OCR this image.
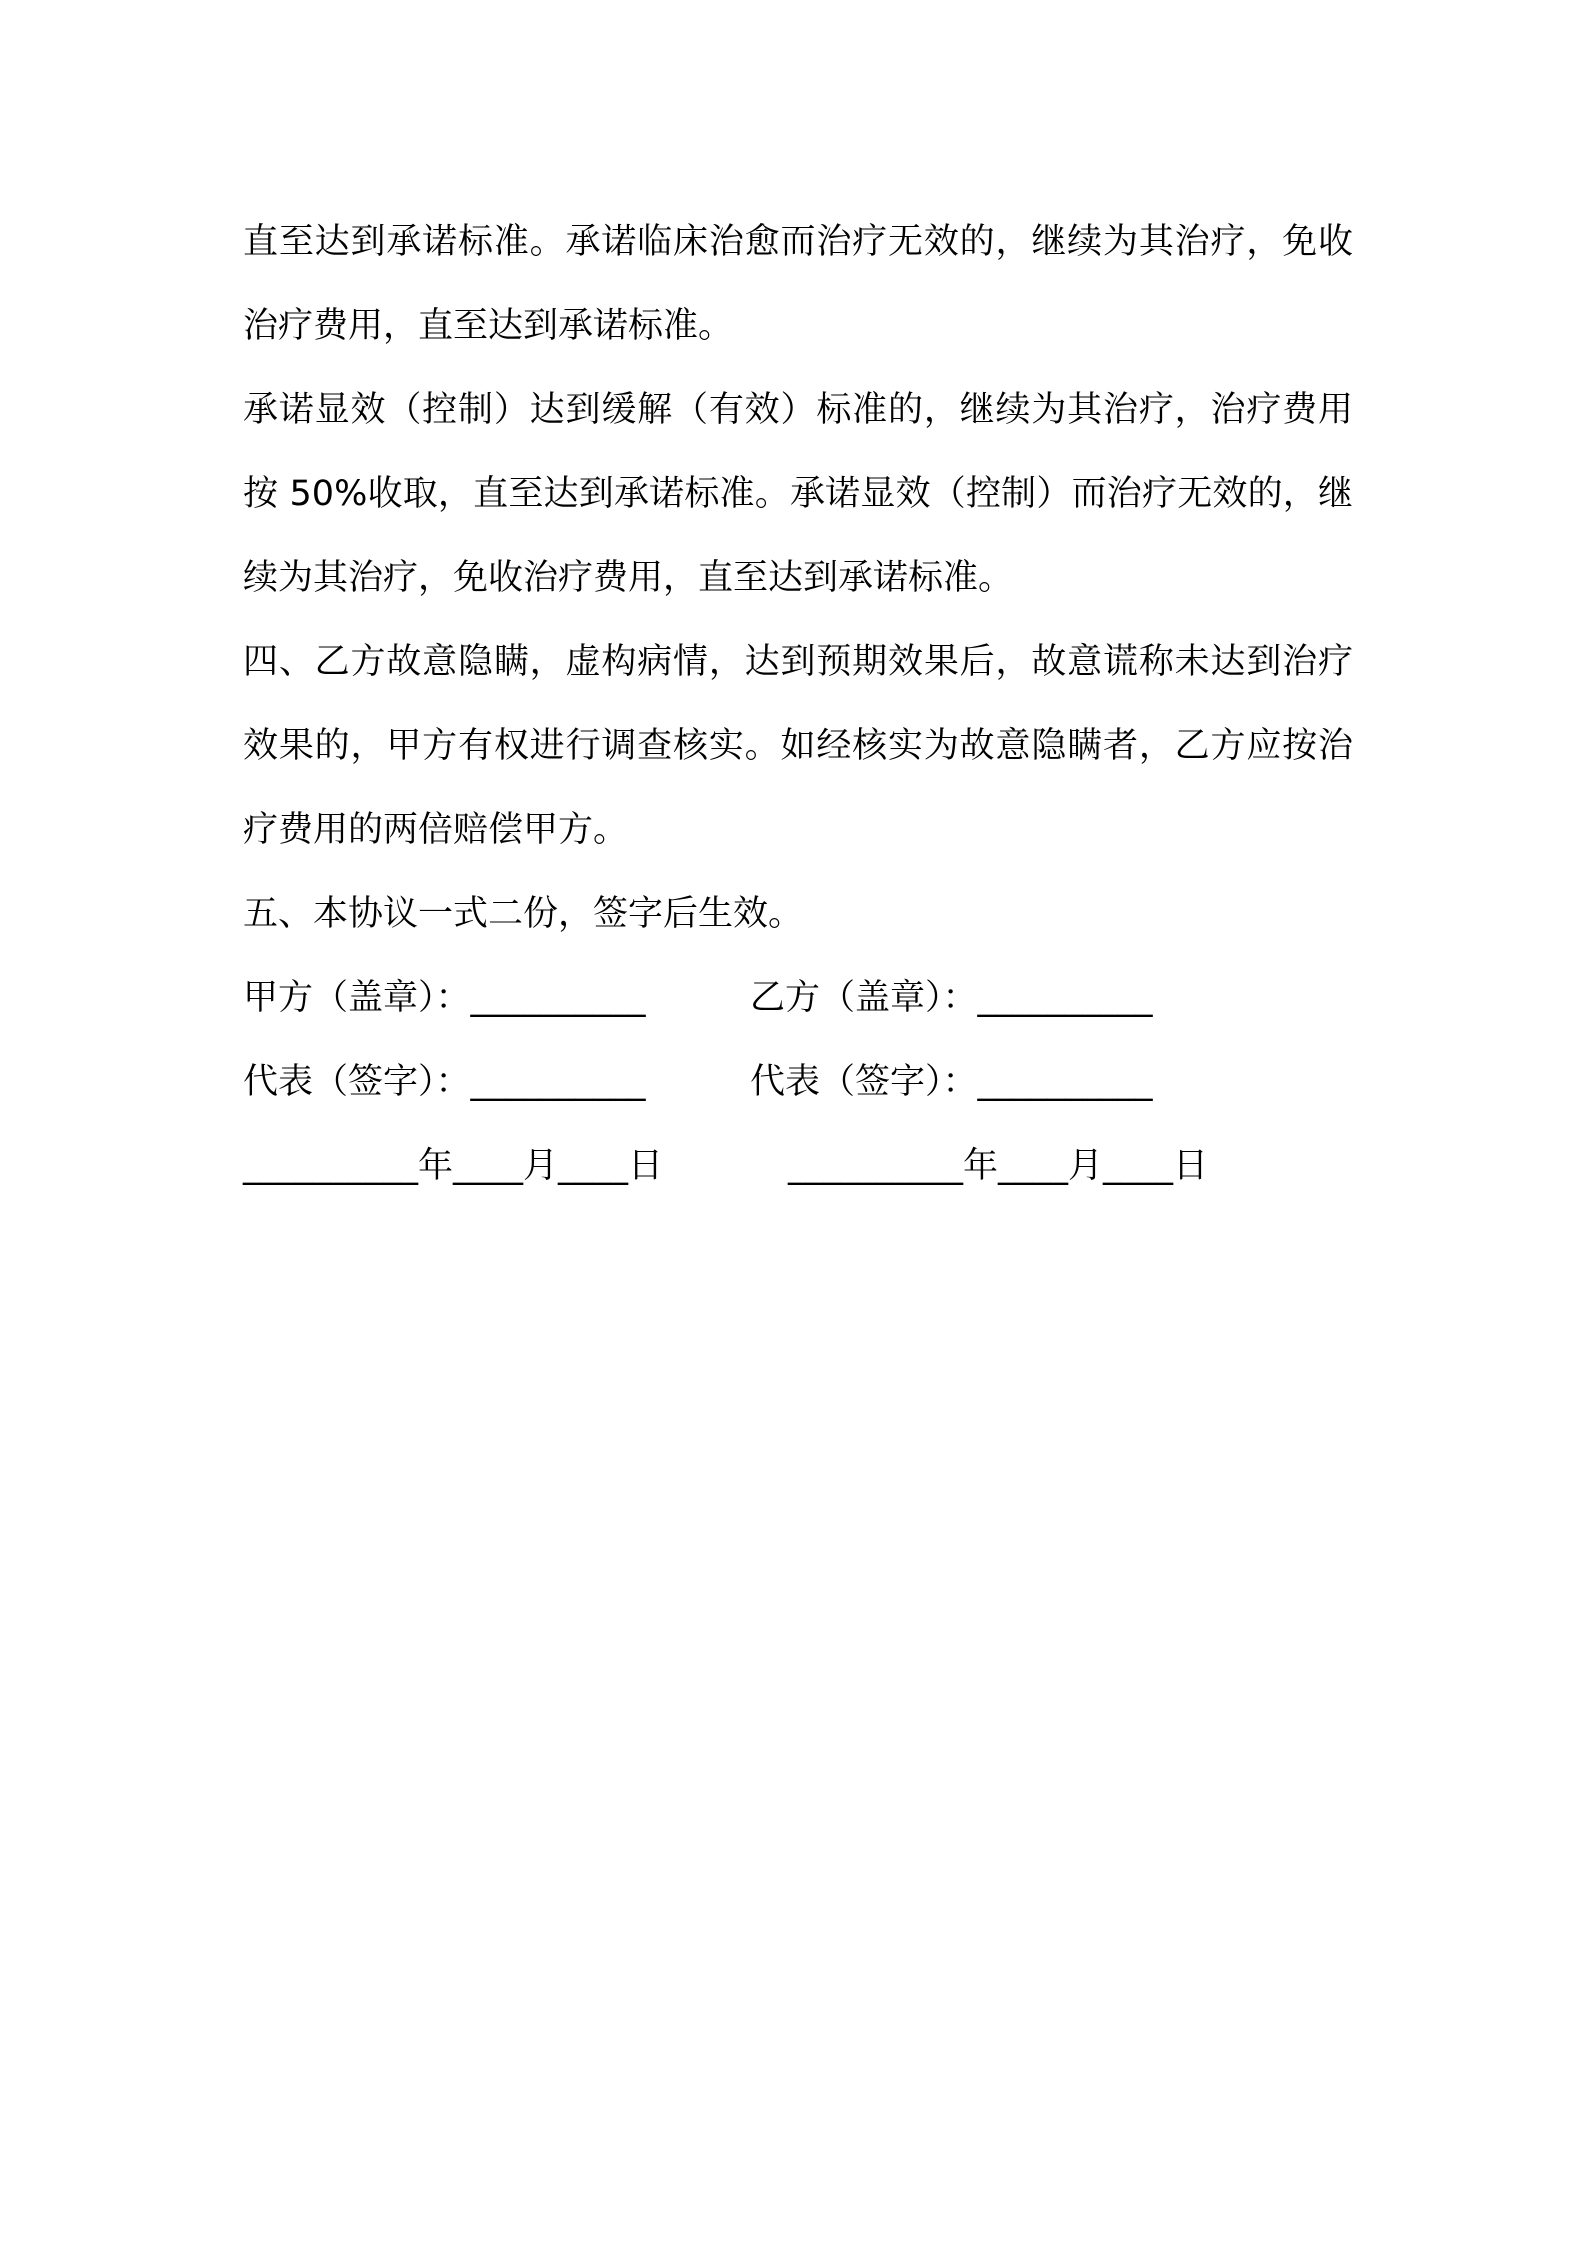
直至达到承诺标准。承诺临床治愈而治疗无效的，继续为其治疗，免收治疗费用，直至达到承诺标准。

承诺显效（控制）达到缓解（有效）标准的，继续为其治疗，治疗费用按 50%收取，直至达到承诺标准。承诺显效（控制）而治疗无效的，继续为其治疗，免收治疗费用，直至达到承诺标准。

四、乙方故意隐瞒，虚构病情，达到预期效果后，故意谎称未达到治疗效果的，甲方有权进行调查核实。如经核实为故意隐瞒者，乙方应按治疗费用的两倍赔偿甲方。

五、本协议一式二份，签字后生效。

甲方（盖章）：__________	乙方（盖章）：__________
代表（签字）：__________	代表（签字）：__________
__________年____月____日	__________年____月____日
